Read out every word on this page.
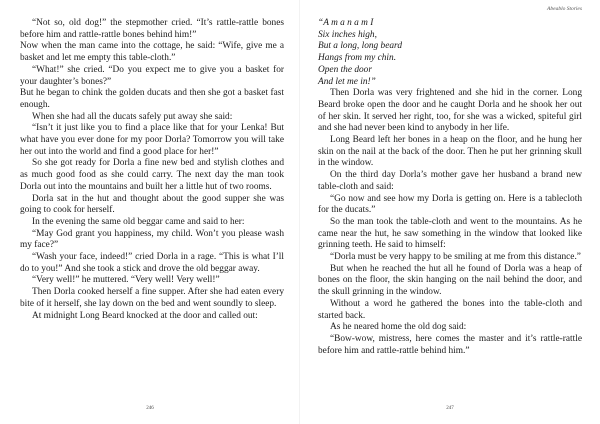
“Not so, old dog!” the stepmother cried. “It’s rattle-rattle bones before him and rattle-rattle bones behind him!”

Now when the man came into the cottage, he said: “Wife, give me a basket and let me empty this table-cloth.”

“What!” she cried. “Do you expect me to give you a basket for your daughter’s bones?”

But he began to chink the golden ducats and then she got a basket fast enough.

When she had all the ducats safely put away she said:

“Isn’t it just like you to find a place like that for your Lenka! But what have you ever done for my poor Dorla? Tomorrow you will take her out into the world and find a good place for her!”

So she got ready for Dorla a fine new bed and stylish clothes and as much good food as she could carry. The next day the man took Dorla out into the mountains and built her a little hut of two rooms.

Dorla sat in the hut and thought about the good supper she was going to cook for herself.

In the evening the same old beggar came and said to her:

“May God grant you happiness, my child. Won’t you please wash my face?”

“Wash your face, indeed!” cried Dorla in a rage. “This is what I’ll do to you!” And she took a stick and drove the old beggar away.

“Very well!” he muttered. “Very well! Very well!”

Then Dorla cooked herself a fine supper. After she had eaten every bite of it herself, she lay down on the bed and went soundly to sleep.

At midnight Long Beard knocked at the door and called out:

246
Abeablo Stories

“A m a n a m I

Six inches high,

But a long, long beard

Hangs from my chin.

Open the door

And let me in!”

Then Dorla was very frightened and she hid in the corner. Long Beard broke open the door and he caught Dorla and he shook her out of her skin. It served her right, too, for she was a wicked, spiteful girl and she had never been kind to anybody in her life.

Long Beard left her bones in a heap on the floor, and he hung her skin on the nail at the back of the door. Then he put her grinning skull in the window.

On the third day Dorla’s mother gave her husband a brand new table-cloth and said:

“Go now and see how my Dorla is getting on. Here is a tablecloth for the ducats.”

So the man took the table-cloth and went to the mountains. As he came near the hut, he saw something in the window that looked like grinning teeth. He said to himself:

“Dorla must be very happy to be smiling at me from this distance.”

But when he reached the hut all he found of Dorla was a heap of bones on the floor, the skin hanging on the nail behind the door, and the skull grinning in the window.

Without a word he gathered the bones into the table-cloth and started back.

As he neared home the old dog said:

“Bow-wow, mistress, here comes the master and it’s rattle-rattle before him and rattle-rattle behind him.”

247
